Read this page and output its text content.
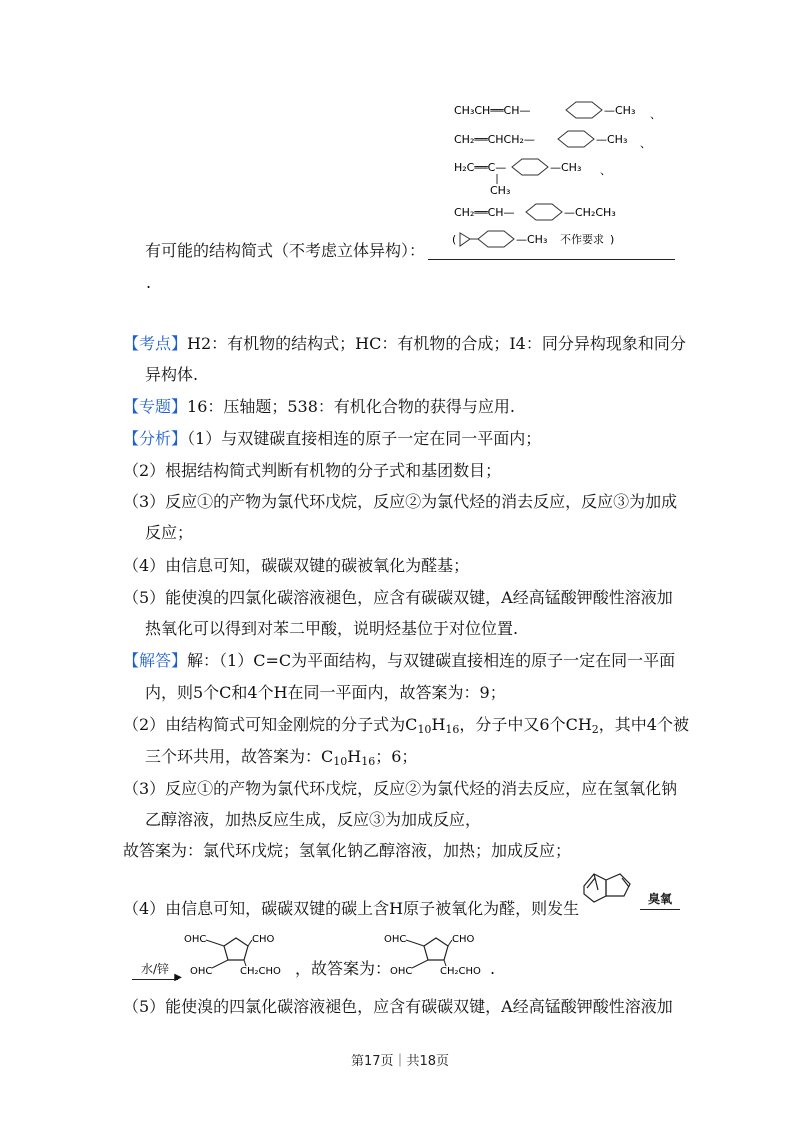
CH₃CH══CH—	—CH₃ 、
CH₂══CHCH₂—	—CH₃ 、
H₂C══C—
CH₃
—CH₃ 、
CH₂══CH—	—CH₂CH₃
(	—CH₃ 不作要求 )
有可能的结构简式（不考虑立体异构）：
.
【考点】H2：有机物的结构式；HC：有机物的合成；I4：同分异构现象和同分
异构体.
【专题】16：压轴题；538：有机化合物的获得与应用.
【分析】（1）与双键碳直接相连的原子一定在同一平面内；
（2）根据结构简式判断有机物的分子式和基团数目；
（3）反应①的产物为氯代环戊烷，反应②为氯代烃的消去反应，反应③为加成
反应；
（4）由信息可知，碳碳双键的碳被氧化为醛基；
（5）能使溴的四氯化碳溶液褪色，应含有碳碳双键，A经高锰酸钾酸性溶液加
热氧化可以得到对苯二甲酸，说明烃基位于对位位置.
【解答】解：（1）C=C为平面结构，与双键碳直接相连的原子一定在同一平面
内，则5个C和4个H在同一平面内，故答案为：9；
（2）由结构简式可知金刚烷的分子式为$C_{10}H_{16}$，分子中又6个$CH_2$，其中4个被
三个环共用，故答案为：$C_{10}H_{16}$；6；
（3）反应①的产物为氯代环戊烷，反应②为氯代烃的消去反应，应在氢氧化钠
乙醇溶液，加热反应生成，反应③为加成反应，
故答案为：氯代环戊烷；氢氧化钠乙醇溶液，加热；加成反应；
（4）由信息可知，碳碳双键的碳上含H原子被氧化为醛，则发生	臭氧
水/锌
▶
OHC	CHO
OHC	CH₂CHO ，故答案为：
OHC	CHO
OHC	CH₂CHO .
（5）能使溴的四氯化碳溶液褪色，应含有碳碳双键，A经高锰酸钾酸性溶液加
第17页｜共18页
